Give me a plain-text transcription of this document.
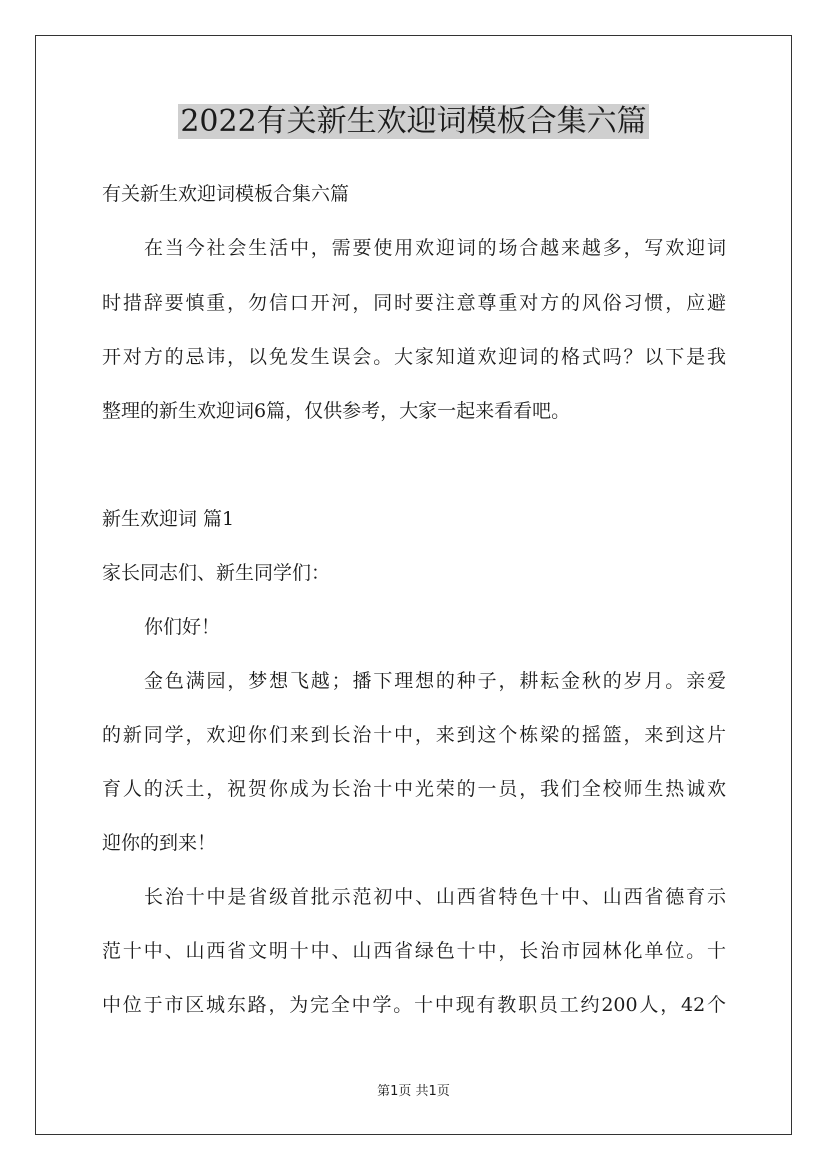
2022有关新生欢迎词模板合集六篇
有关新生欢迎词模板合集六篇
在当今社会生活中，需要使用欢迎词的场合越来越多，写欢迎词
时措辞要慎重，勿信口开河，同时要注意尊重对方的风俗习惯，应避
开对方的忌讳，以免发生误会。大家知道欢迎词的格式吗？以下是我
整理的新生欢迎词6篇，仅供参考，大家一起来看看吧。
新生欢迎词 篇1
家长同志们、新生同学们：
你们好！
金色满园，梦想飞越；播下理想的种子，耕耘金秋的岁月。亲爱
的新同学，欢迎你们来到长治十中，来到这个栋梁的摇篮，来到这片
育人的沃土，祝贺你成为长治十中光荣的一员，我们全校师生热诚欢
迎你的到来！
长治十中是省级首批示范初中、山西省特色十中、山西省德育示
范十中、山西省文明十中、山西省绿色十中，长治市园林化单位。十
中位于市区城东路，为完全中学。十中现有教职员工约200人，42个
第1页 共1页
